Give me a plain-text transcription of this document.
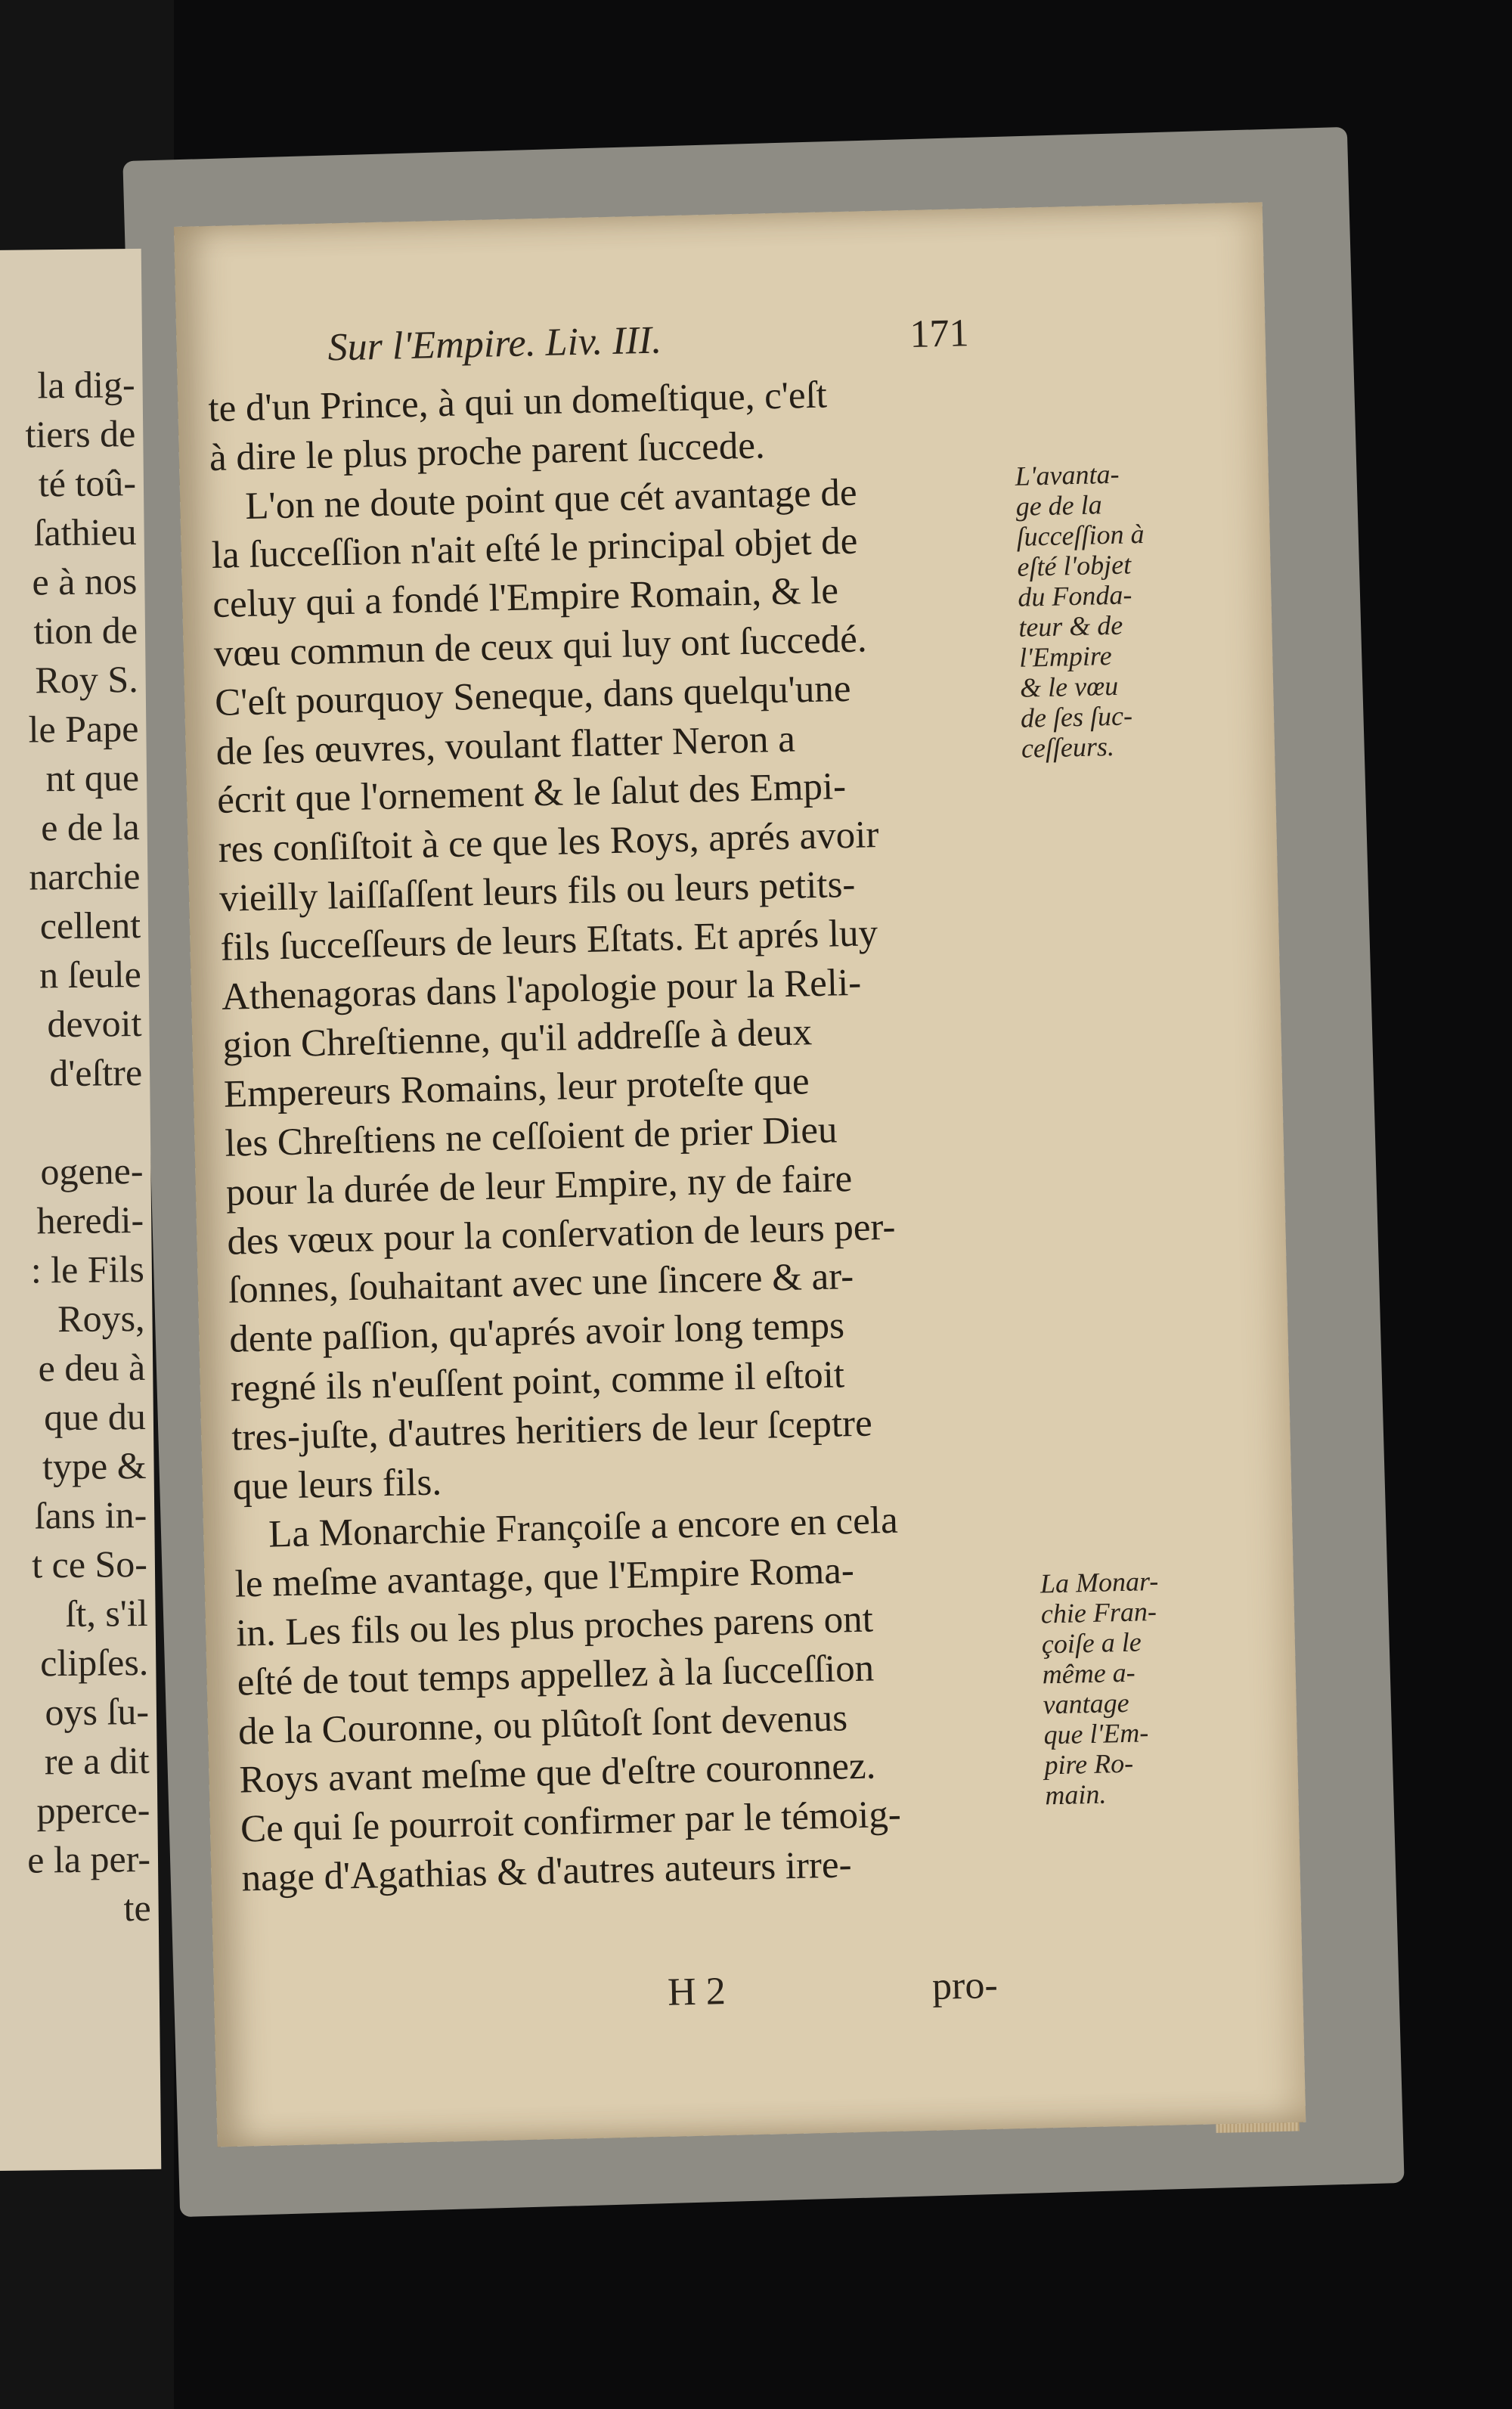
la dig-
tiers de
té toû-
ſathieu
e à nos
tion de
Roy S.
le Pape
nt que
e de la
narchie
cellent
n ſeule
devoit
d'eſtre
ogene-
heredi-
: le Fils
Roys,
e deu à
que du
type &
ſans in-
t ce So-
ſt, s'il
clipſes.
oys ſu-
re a dit
pperce-
e la per-
te
Sur l'Empire. Liv. III.	171
te d'un Prince, à qui un domeſtique, c'eſt
à dire le plus proche parent ſuccede.
L'on ne doute point que cét avantage de
la ſucceſſion n'ait eſté le principal objet de
celuy qui a fondé l'Empire Romain, & le
vœu commun de ceux qui luy ont ſuccedé.
C'eſt pourquoy Seneque, dans quelqu'une
de ſes œuvres, voulant flatter Neron a
écrit que l'ornement & le ſalut des Empi-
res conſiſtoit à ce que les Roys, aprés avoir
vieilly laiſſaſſent leurs fils ou leurs petits-
fils ſucceſſeurs de leurs Eſtats. Et aprés luy
Athenagoras dans l'apologie pour la Reli-
gion Chreſtienne, qu'il addreſſe à deux
Empereurs Romains, leur proteſte que
les Chreſtiens ne ceſſoient de prier Dieu
pour la durée de leur Empire, ny de faire
des vœux pour la conſervation de leurs per-
ſonnes, ſouhaitant avec une ſincere & ar-
dente paſſion, qu'aprés avoir long temps
regné ils n'euſſent point, comme il eſtoit
tres-juſte, d'autres heritiers de leur ſceptre
que leurs fils.
La Monarchie Françoiſe a encore en cela
le meſme avantage, que l'Empire Roma-
in. Les fils ou les plus proches parens ont
eſté de tout temps appellez à la ſucceſſion
de la Couronne, ou plûtoſt ſont devenus
Roys avant meſme que d'eſtre couronnez.
Ce qui ſe pourroit confirmer par le témoig-
nage d'Agathias & d'autres auteurs irre-
L'avanta-
ge de la
ſucceſſion à
eſté l'objet
du Fonda-
teur & de
l'Empire
& le vœu
de ſes ſuc-
ceſſeurs.
La Monar-
chie Fran-
çoiſe a le
même a-
vantage
que l'Em-
pire Ro-
main.
H 2	pro-
